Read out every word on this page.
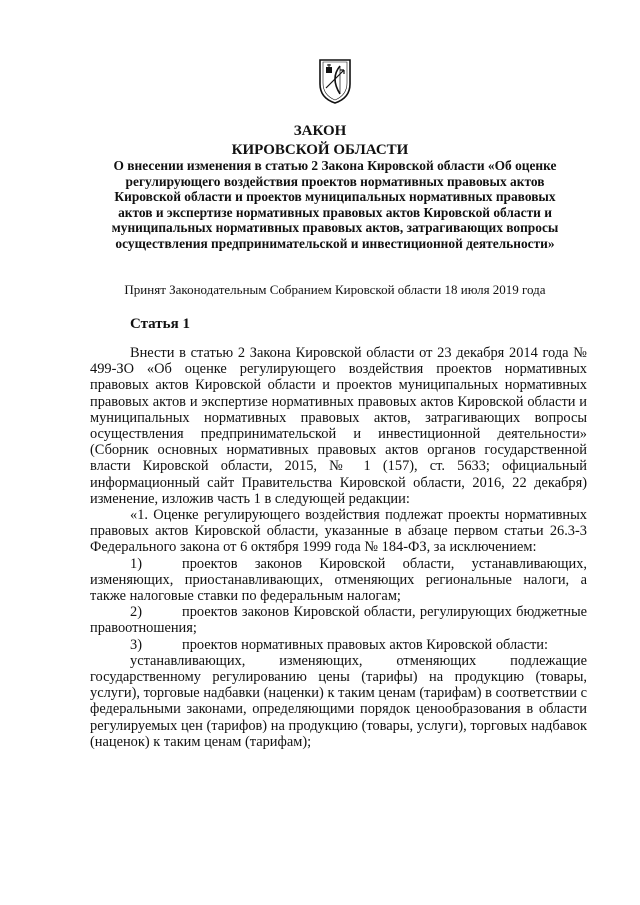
ЗАКОН
КИРОВСКОЙ ОБЛАСТИ

О внесении изменения в статью 2 Закона Кировской области «Об оценке регулирующего воздействия проектов нормативных правовых актов Кировской области и проектов муниципальных нормативных правовых актов и экспертизе нормативных правовых актов Кировской области и муниципальных нормативных правовых актов, затрагивающих вопросы осуществления предпринимательской и инвестиционной деятельности»

Принят Законодательным Собранием Кировской области 18 июля 2019 года

Статья 1

Внести в статью 2 Закона Кировской области от 23 декабря 2014 года № 499-ЗО «Об оценке регулирующего воздействия проектов нормативных правовых актов Кировской области и проектов муниципальных нормативных правовых актов и экспертизе нормативных правовых актов Кировской области и муниципальных нормативных правовых актов, затрагивающих вопросы осуществления предпринимательской и инвестиционной деятельности» (Сборник основных нормативных правовых актов органов государственной власти Кировской области, 2015, № 1 (157), ст. 5633; официальный информационный сайт Правительства Кировской области, 2016, 22 декабря) изменение, изложив часть 1 в следующей редакции:

«1. Оценке регулирующего воздействия подлежат проекты нормативных правовых актов Кировской области, указанные в абзаце первом статьи 26.3-3 Федерального закона от 6 октября 1999 года № 184-ФЗ, за исключением:

1)	проектов законов Кировской области, устанавливающих, изменяющих, приостанавливающих, отменяющих региональные налоги, а также налоговые ставки по федеральным налогам;

2)	проектов законов Кировской области, регулирующих бюджетные правоотношения;

3)	проектов нормативных правовых актов Кировской области:

устанавливающих, изменяющих, отменяющих подлежащие государственному регулированию цены (тарифы) на продукцию (товары, услуги), торговые надбавки (наценки) к таким ценам (тарифам) в соответствии с федеральными законами, определяющими порядок ценообразования в области регулируемых цен (тарифов) на продукцию (товары, услуги), торговых надбавок (наценок) к таким ценам (тарифам);
